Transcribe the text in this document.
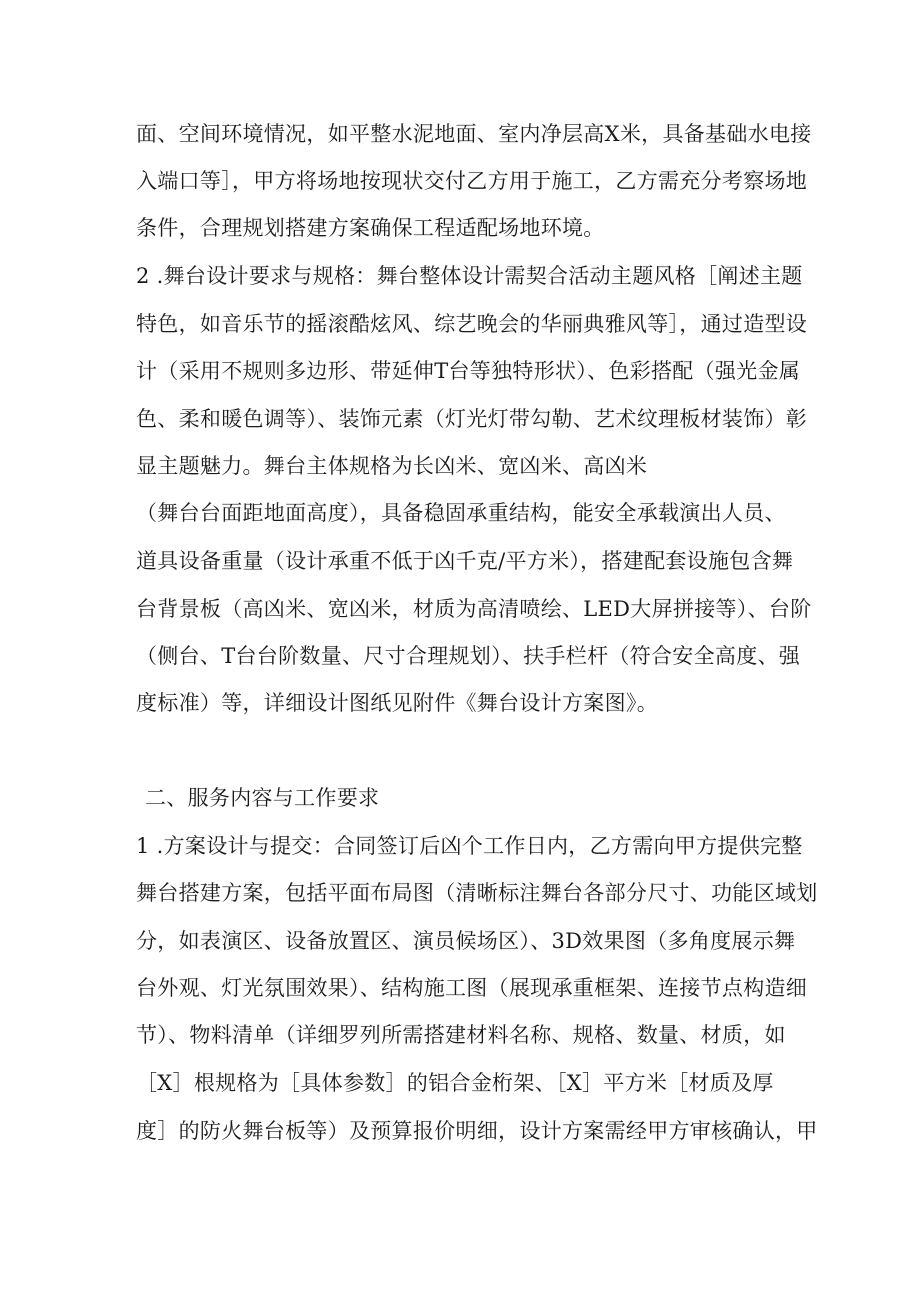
面、空间环境情况，如平整水泥地面、室内净层高X米，具备基础水电接
入端口等］，甲方将场地按现状交付乙方用于施工，乙方需充分考察场地
条件，合理规划搭建方案确保工程适配场地环境。
2 .舞台设计要求与规格：舞台整体设计需契合活动主题风格［阐述主题
特色，如音乐节的摇滚酷炫风、综艺晚会的华丽典雅风等］，通过造型设
计（采用不规则多边形、带延伸T台等独特形状）、色彩搭配（强光金属
色、柔和暖色调等）、装饰元素（灯光灯带勾勒、艺术纹理板材装饰）彰
显主题魅力。舞台主体规格为长凶米、宽凶米、高凶米
（舞台台面距地面高度），具备稳固承重结构，能安全承载演出人员、
道具设备重量（设计承重不低于凶千克/平方米），搭建配套设施包含舞
台背景板（高凶米、宽凶米，材质为高清喷绘、LED大屏拼接等）、台阶
（侧台、T台台阶数量、尺寸合理规划）、扶手栏杆（符合安全高度、强
度标准）等，详细设计图纸见附件《舞台设计方案图》。
二、服务内容与工作要求
1 .方案设计与提交：合同签订后凶个工作日内，乙方需向甲方提供完整
舞台搭建方案，包括平面布局图（清晰标注舞台各部分尺寸、功能区域划
分，如表演区、设备放置区、演员候场区）、3D效果图（多角度展示舞
台外观、灯光氛围效果）、结构施工图（展现承重框架、连接节点构造细
节）、物料清单（详细罗列所需搭建材料名称、规格、数量、材质，如
［X］根规格为［具体参数］的铝合金桁架、［X］平方米［材质及厚
度］的防火舞台板等）及预算报价明细，设计方案需经甲方审核确认，甲
